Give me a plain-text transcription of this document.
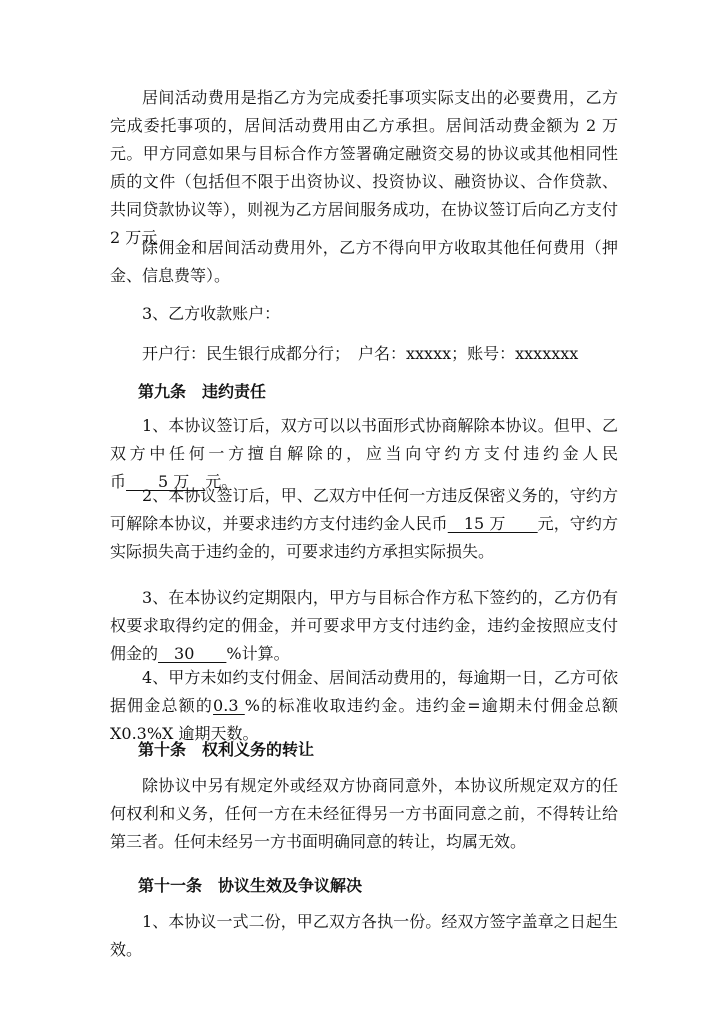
居间活动费用是指乙方为完成委托事项实际支出的必要费用，乙方完成委托事项的，居间活动费用由乙方承担。居间活动费金额为 2 万元。甲方同意如果与目标合作方签署确定融资交易的协议或其他相同性质的文件（包括但不限于出资协议、投资协议、融资协议、合作贷款、共同贷款协议等），则视为乙方居间服务成功，在协议签订后向乙方支付 2 万元

除佣金和居间活动费用外，乙方不得向甲方收取其他任何费用（押金、信息费等）。

3、乙方收款账户：

开户行：民生银行成都分行；　户名：xxxxx；账号：xxxxxxx

第九条　违约责任

1、本协议签订后，双方可以以书面形式协商解除本协议。但甲、乙双方中任何一方擅自解除的，应当向守约方支付违约金人民币　　5 万　元。

2、本协议签订后，甲、乙双方中任何一方违反保密义务的，守约方可解除本协议，并要求违约方支付违约金人民币　15 万　　元，守约方实际损失高于违约金的，可要求违约方承担实际损失。

3、在本协议约定期限内，甲方与目标合作方私下签约的，乙方仍有权要求取得约定的佣金，并可要求甲方支付违约金，违约金按照应支付佣金的　30　　%计算。

4、甲方未如约支付佣金、居间活动费用的，每逾期一日，乙方可依据佣金总额的0.3 %的标准收取违约金。违约金=逾期未付佣金总额X0.3%X 逾期天数。

第十条　权利义务的转让

除协议中另有规定外或经双方协商同意外，本协议所规定双方的任何权利和义务，任何一方在未经征得另一方书面同意之前，不得转让给第三者。任何未经另一方书面明确同意的转让，均属无效。

第十一条　协议生效及争议解决

1、本协议一式二份，甲乙双方各执一份。经双方签字盖章之日起生效。
